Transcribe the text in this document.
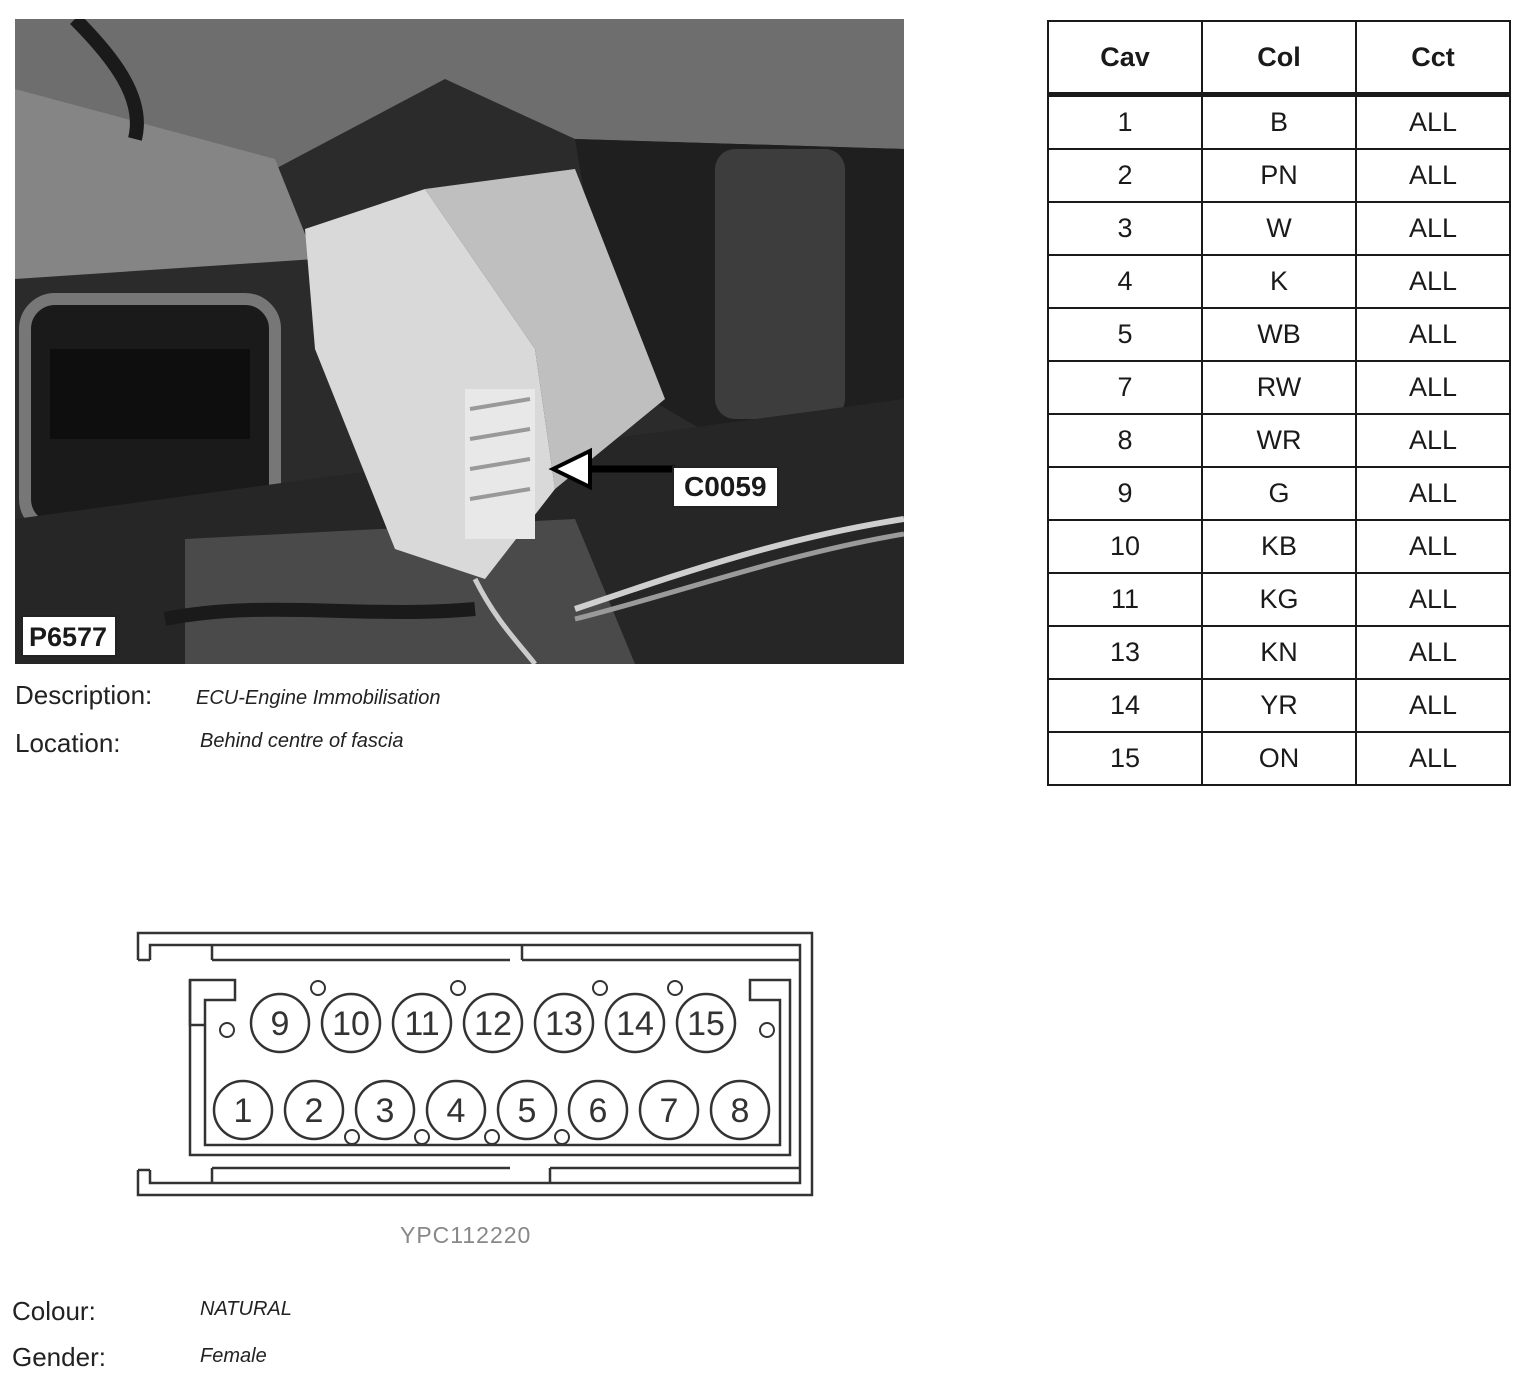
P6577
C0059
Description: ECU-Engine Immobilisation
Location:	Behind centre of fascia
Colour:	NATURAL
Gender:	Female
Cav	Col	Cct
1	B	ALL
2	PN	ALL
3	W	ALL
4	K	ALL
5	WB	ALL
7	RW	ALL
8	WR	ALL
9	G	ALL
10	KB	ALL
11	KG	ALL
13	KN	ALL
14	YR	ALL
15	ON	ALL
9 10 11 12 13 14 15
1 2 3 4 5 6 7 8
YPC112220
